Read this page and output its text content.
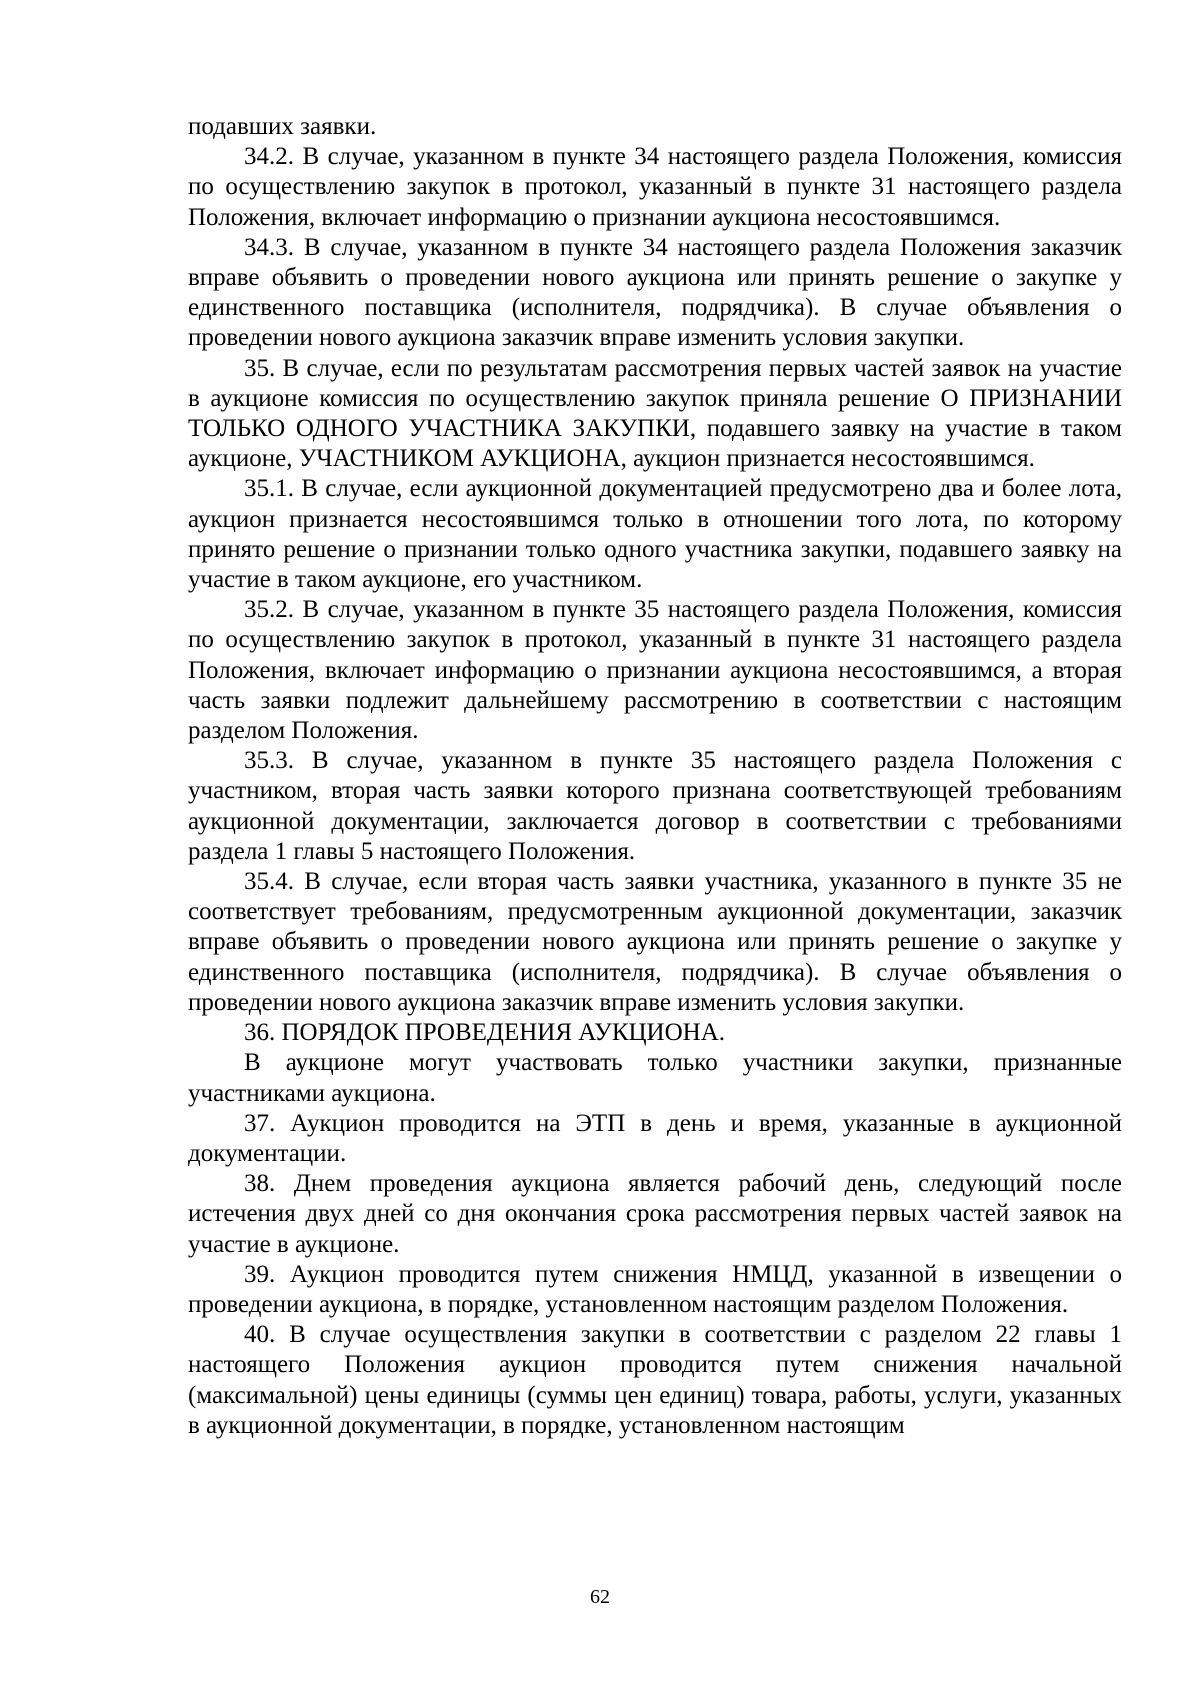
подавших заявки.

34.2. В случае, указанном в пункте 34 настоящего раздела Положения, комиссия по осуществлению закупок в протокол, указанный в пункте 31 настоящего раздела Положения, включает информацию о признании аукциона несостоявшимся.

34.3. В случае, указанном в пункте 34 настоящего раздела Положения заказчик вправе объявить о проведении нового аукциона или принять решение о закупке у единственного поставщика (исполнителя, подрядчика). В случае объявления о проведении нового аукциона заказчик вправе изменить условия закупки.

35. В случае, если по результатам рассмотрения первых частей заявок на участие в аукционе комиссия по осуществлению закупок приняла решение О ПРИЗНАНИИ ТОЛЬКО ОДНОГО УЧАСТНИКА ЗАКУПКИ, подавшего заявку на участие в таком аукционе, УЧАСТНИКОМ АУКЦИОНА, аукцион признается несостоявшимся.

35.1. В случае, если аукционной документацией предусмотрено два и более лота, аукцион признается несостоявшимся только в отношении того лота, по которому принято решение о признании только одного участника закупки, подавшего заявку на участие в таком аукционе, его участником.

35.2. В случае, указанном в пункте 35 настоящего раздела Положения, комиссия по осуществлению закупок в протокол, указанный в пункте 31 настоящего раздела Положения, включает информацию о признании аукциона несостоявшимся, а вторая часть заявки подлежит дальнейшему рассмотрению в соответствии с настоящим разделом Положения.

35.3. В случае, указанном в пункте 35 настоящего раздела Положения с участником, вторая часть заявки которого признана соответствующей требованиям аукционной документации, заключается договор в соответствии с требованиями раздела 1 главы 5 настоящего Положения.

35.4. В случае, если вторая часть заявки участника, указанного в пункте 35 не соответствует требованиям, предусмотренным аукционной документации, заказчик вправе объявить о проведении нового аукциона или принять решение о закупке у единственного поставщика (исполнителя, подрядчика). В случае объявления о проведении нового аукциона заказчик вправе изменить условия закупки.

36. ПОРЯДОК ПРОВЕДЕНИЯ АУКЦИОНА.

В аукционе могут участвовать только участники закупки, признанные участниками аукциона.

37. Аукцион проводится на ЭТП в день и время, указанные в аукционной документации.

38. Днем проведения аукциона является рабочий день, следующий после истечения двух дней со дня окончания срока рассмотрения первых частей заявок на участие в аукционе.

39. Аукцион проводится путем снижения НМЦД, указанной в извещении о проведении аукциона, в порядке, установленном настоящим разделом Положения.

40. В случае осуществления закупки в соответствии с разделом 22 главы 1 настоящего Положения аукцион проводится путем снижения начальной (максимальной) цены единицы (суммы цен единиц) товара, работы, услуги, указанных в аукционной документации, в порядке, установленном настоящим

62
